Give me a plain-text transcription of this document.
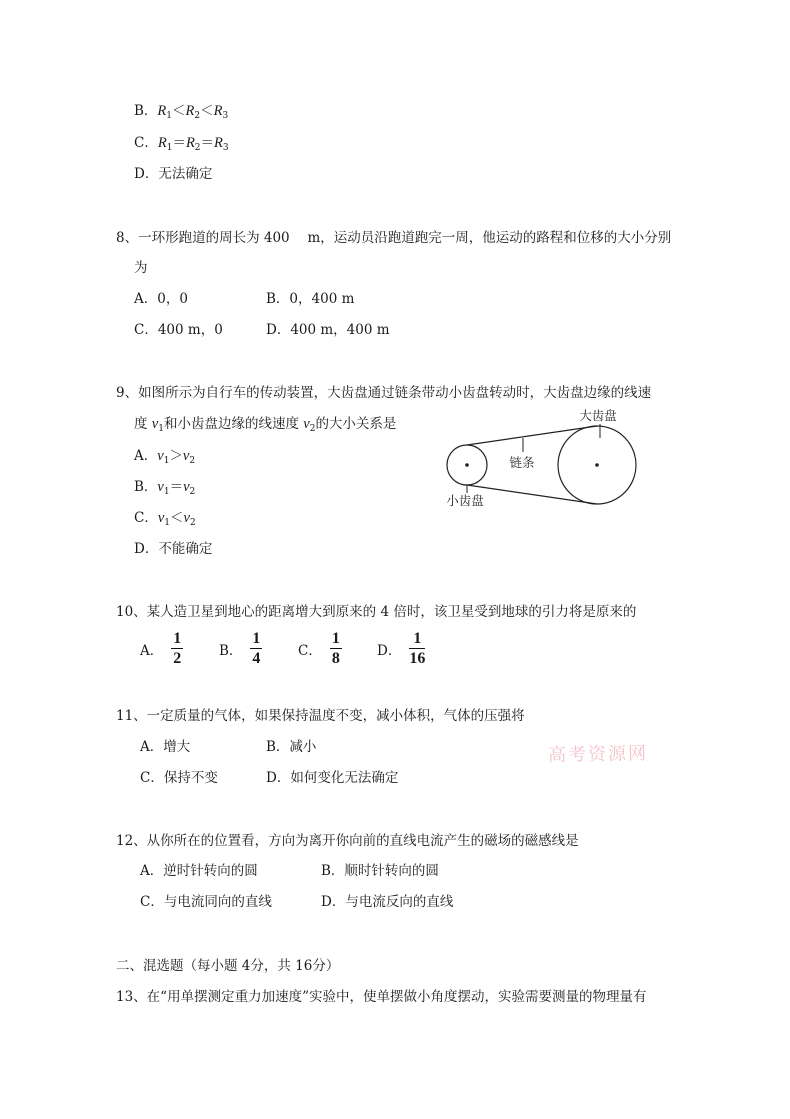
B．$R_1<R_2<R_3$
C．$R_1=R_2=R_3$
D．无法确定
8、一环形跑道的周长为 400　 m，运动员沿跑道跑完一周，他运动的路程和位移的大小分别
为
A．0，0	B．0，400 m
C．400 m，0	D．400 m，400 m
9、如图所示为自行车的传动装置，大齿盘通过链条带动小齿盘转动时，大齿盘边缘的线速
度 $v_1$和小齿盘边缘的线速度 $v_2$的大小关系是
A．$v_1>v_2$
B．$v_1=v_2$
C．$v_1<v_2$
D．不能确定
大齿盘
链条
小齿盘
10、某人造卫星到地心的距离增大到原来的 4 倍时，该卫星受到地球的引力将是原来的
A． $\frac{1}{2}$	B． $\frac{1}{4}$	C． $\frac{1}{8}$	D． $\frac{1}{16}$
11、一定质量的气体，如果保持温度不变，减小体积，气体的压强将
A．增大	B．减小
C．保持不变	D．如何变化无法确定
高考资源网
12、从你所在的位置看，方向为离开你向前的直线电流产生的磁场的磁感线是
A．逆时针转向的圆	B．顺时针转向的圆
C．与电流同向的直线	D．与电流反向的直线
二、混选题（每小题 4分，共 16分）
13、在“用单摆测定重力加速度”实验中，使单摆做小角度摆动，实验需要测量的物理量有
